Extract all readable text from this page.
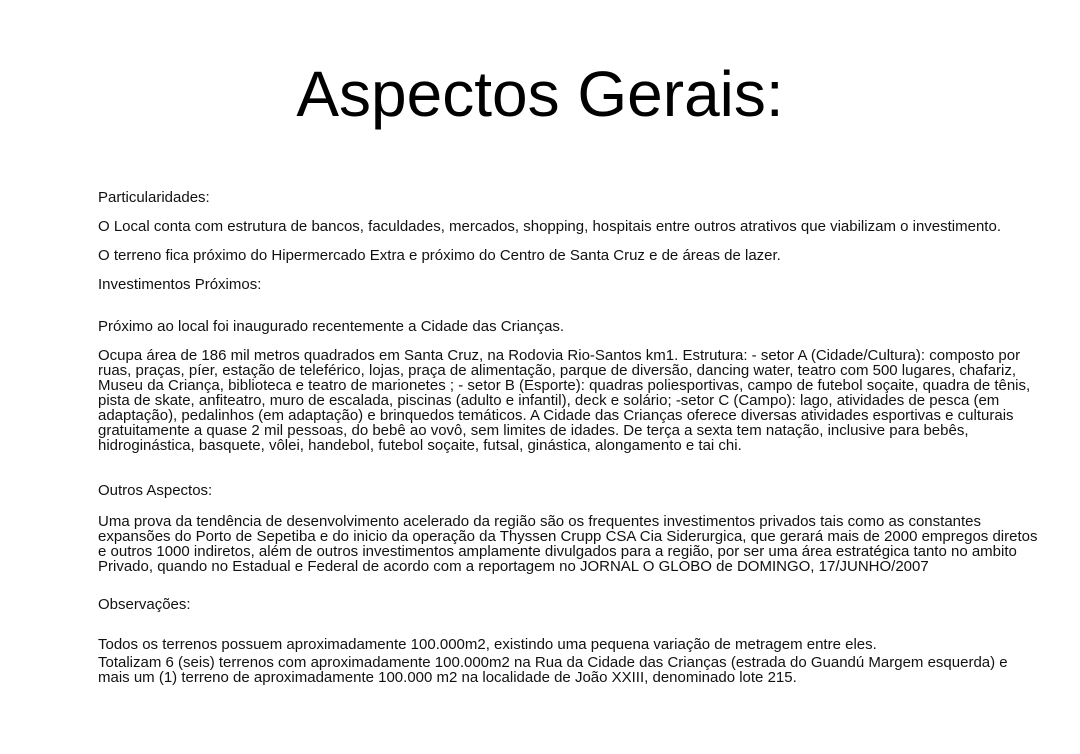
Aspectos Gerais:

Particularidades:

O Local conta com estrutura de bancos, faculdades, mercados, shopping, hospitais entre outros atrativos que viabilizam o investimento.

O terreno fica próximo do Hipermercado Extra e próximo do Centro de Santa Cruz e de áreas de lazer.

Investimentos Próximos:

Próximo ao local foi inaugurado recentemente a Cidade das Crianças.

Ocupa área de 186 mil metros quadrados em Santa Cruz, na Rodovia Rio-Santos km1. Estrutura: - setor A (Cidade/Cultura): composto por ruas, praças, píer, estação de teleférico, lojas, praça de alimentação, parque de diversão, dancing water, teatro com 500 lugares, chafariz, Museu da Criança, biblioteca e teatro de marionetes ; - setor B (Esporte): quadras poliesportivas, campo de futebol soçaite, quadra de tênis, pista de skate, anfiteatro, muro de escalada, piscinas (adulto e infantil), deck e solário; -setor C (Campo): lago, atividades de pesca (em adaptação), pedalinhos (em adaptação) e brinquedos temáticos. A Cidade das Crianças oferece diversas atividades esportivas e culturais gratuitamente a quase 2 mil pessoas, do bebê ao vovô, sem limites de idades. De terça a sexta tem natação, inclusive para bebês, hidroginástica, basquete, vôlei, handebol, futebol soçaite, futsal, ginástica, alongamento e tai chi.

Outros Aspectos:

Uma prova da tendência de desenvolvimento acelerado da região são os frequentes investimentos privados tais como as constantes expansões do Porto de Sepetiba e do inicio da operação da Thyssen Crupp CSA Cia Siderurgica, que gerará mais de 2000 empregos diretos e outros 1000 indiretos, além de outros investimentos amplamente divulgados para a região, por ser uma área estratégica tanto no ambito Privado, quando no Estadual e Federal de acordo com a reportagem no JORNAL O GLOBO de DOMINGO, 17/JUNHO/2007

Observações:

Todos os terrenos possuem aproximadamente 100.000m2, existindo uma pequena variação de metragem entre eles.

Totalizam 6 (seis) terrenos com aproximadamente 100.000m2 na Rua da Cidade das Crianças (estrada do Guandú Margem esquerda) e mais um (1) terreno de aproximadamente 100.000 m2 na localidade de João XXIII, denominado lote 215.
